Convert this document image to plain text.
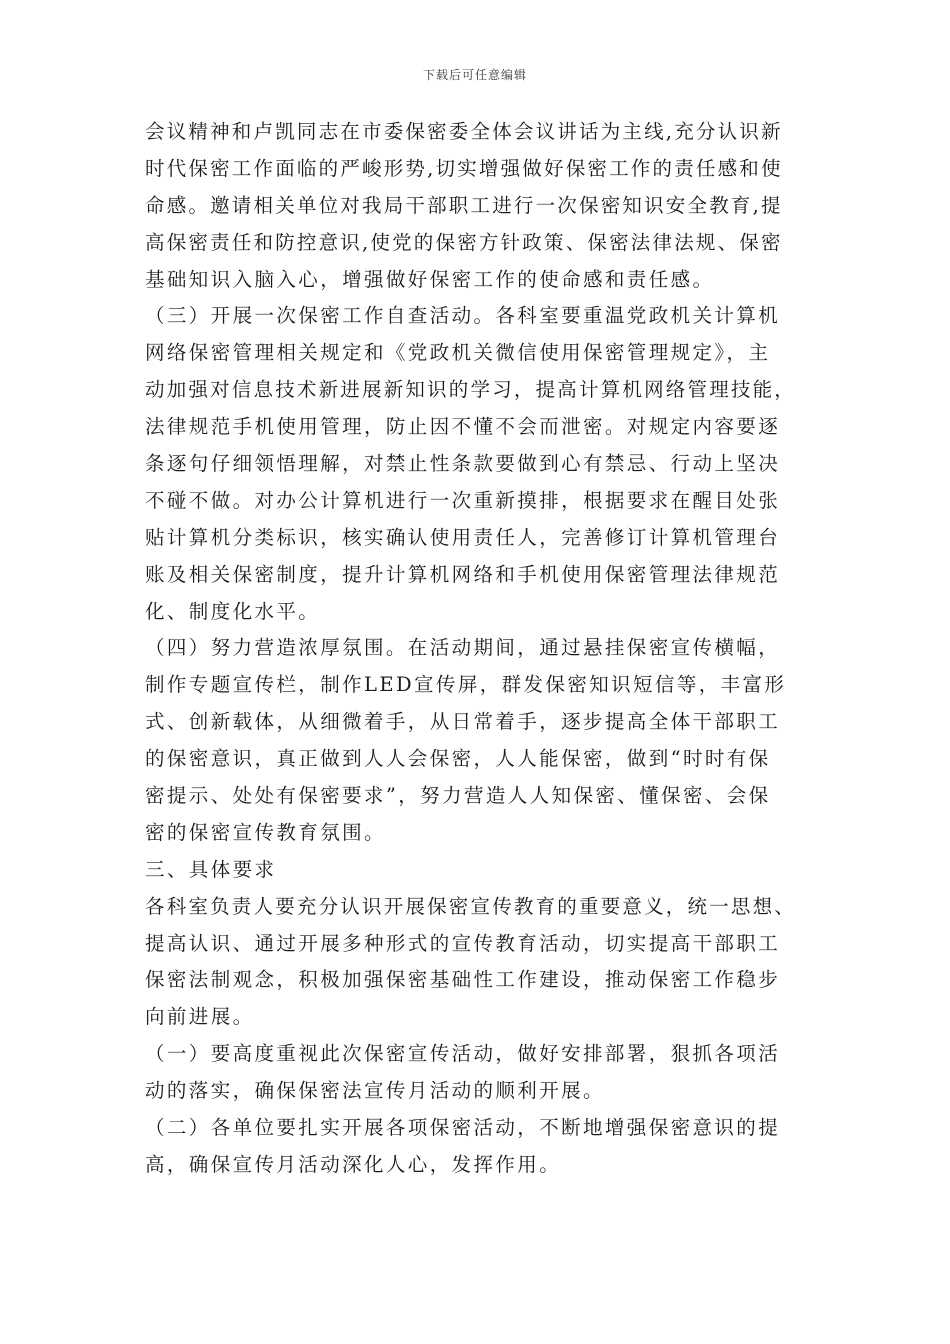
下载后可任意编辑
会议精神和卢凯同志在市委保密委全体会议讲话为主线,充分认识新
时代保密工作面临的严峻形势,切实增强做好保密工作的责任感和使
命感。邀请相关单位对我局干部职工进行一次保密知识安全教育,提
高保密责任和防控意识,使党的保密方针政策、保密法律法规、保密
基础知识入脑入心，增强做好保密工作的使命感和责任感。
（三）开展一次保密工作自查活动。各科室要重温党政机关计算机
网络保密管理相关规定和《党政机关微信使用保密管理规定》，主
动加强对信息技术新进展新知识的学习，提高计算机网络管理技能，
法律规范手机使用管理，防止因不懂不会而泄密。对规定内容要逐
条逐句仔细领悟理解，对禁止性条款要做到心有禁忌、行动上坚决
不碰不做。对办公计算机进行一次重新摸排，根据要求在醒目处张
贴计算机分类标识，核实确认使用责任人，完善修订计算机管理台
账及相关保密制度，提升计算机网络和手机使用保密管理法律规范
化、制度化水平。
（四）努力营造浓厚氛围。在活动期间，通过悬挂保密宣传横幅，
制作专题宣传栏，制作LED宣传屏，群发保密知识短信等，丰富形
式、创新载体，从细微着手，从日常着手，逐步提高全体干部职工
的保密意识，真正做到人人会保密，人人能保密，做到“时时有保
密提示、处处有保密要求”，努力营造人人知保密、懂保密、会保
密的保密宣传教育氛围。
三、具体要求
各科室负责人要充分认识开展保密宣传教育的重要意义，统一思想、
提高认识、通过开展多种形式的宣传教育活动，切实提高干部职工
保密法制观念，积极加强保密基础性工作建设，推动保密工作稳步
向前进展。
（一）要高度重视此次保密宣传活动，做好安排部署，狠抓各项活
动的落实，确保保密法宣传月活动的顺利开展。
（二）各单位要扎实开展各项保密活动，不断地增强保密意识的提
高，确保宣传月活动深化人心，发挥作用。
